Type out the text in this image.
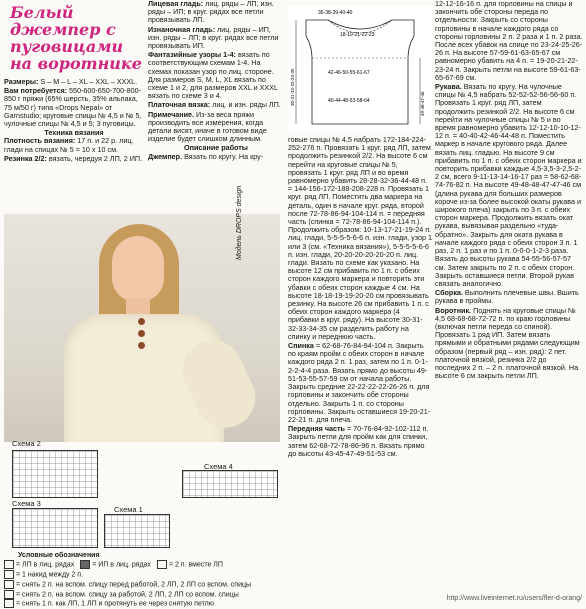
Белый джемпер с пуговицами на воротнике

Размеры: S – M – L – XL – XXL – XXXL.

Вам потребуется: 550-600-650-700-800-850 г пряжи (65% шерсть, 35% альпака, 75 м/50 г) типа «Drops Nepal» от Garnstudio; круговые спицы № 4,5 и № 5, чулочные спицы № 4,5 и 5; 3 пуговицы.

Техника вязания

Плотность вязания: 17 п. и 22 р. лиц. глади на спицах № 5 = 10 х 10 см.

Резинка 2/2: вязать, чередуя 2 ЛП, 2 ИП.

Лицевая гладь: лиц. ряды – ЛП, изн. ряды – ИП; в круг. рядах все петли провязывать ЛП.

Изнаночная гладь: лиц. ряды – ИП, изн. ряды – ЛП; в круг. рядах все петли провязывать ИП.

Фантазийные узоры 1-4: вязать по соответствующим схемам 1-4. На схемах показан узор по лиц. стороне. Для размеров S, M, L, XL вязать по схеме 1 и 2, для размеров XXL и XXXL вязать по схеме 3 и 4.

Платочная вязка: лиц. и изн. ряды ЛП.

Примечание. Из-за веса пряжи производить все измерения, когда детали висят, иначе в готовом виде изделие будет слишком длинным.

Описание работы

Джемпер. Вязать по кругу. На кру-

36-38-39-40-40
18-19-21-22-23
42-46-50-55-61-67
40-44-48-53-58-64
30-31-32-33-34-35	49-48-47-46

говые спицы № 4,5 набрать 172-184-224-252-276 п. Провязать 1 круг. ряд ЛП, затем продолжить резинкой 2/2. На высоте 6 см перейти на круговые спицы № 5, провязать 1 круг. ряд ЛП и во время равномерно убавить 28-28-32-36-44-48 п. = 144-156-172-188-208-228 п. Провязать 1 круг. ряд ЛП. Поместить два маркера на деталь, один в начале круг. ряда, второй после 72-78-86-94-104-114 п. = передняя часть (спинка = 72-78-86-94-104-114 п.). Продолжить образом: 10-13-17-21-19-24 п. лиц. глади, 5-5-5-5-6-6 п. изн. глади, узор 1 или 3 (см. «Техника вязания»), 5-5-5-5-6-6 п. изн. глади, 20-20-20-20-20-20 п. лиц. глади. Вязать по схеме как указано. На высоте 12 см прибавить по 1 п. с обеих сторон каждого маркера и повторить эти убавки с обеих сторон каждые 4 см. На высоте 18-18-19-19-20-20 см провязывать резинку. На высоте 26 см прибавить 1 п. с обеих сторон каждого маркера (4 прибавки в круг. ряду). На высоте 30-31-32-33-34-35 см разделить работу на спинку и переднюю часть.

Спинка = 62-68-76-84-94-104 п. Закрыть по краям пройм с обеих сторон в начале каждого ряда 2 п. 1 раз, затем по 1 п. 0-1-2-2-4-4 раза. Вязать прямо до высоты 49-51-53-55-57-59 см от начала работы. Закрыть средние 22-22-22-22-26-26 п. для горловины и закончить обе стороны отдельно. Закрыть 1 п. со стороны горловины. Закрыть оставшиеся 19-20-21-22-21 п. для плеча.

Передняя часть = 70-76-84-92-102-112 п. Закрыть петли для пройм как для спинки, затем 62-68-72-78-86-96 п. Вязать прямо до высоты 43-45-47-49-51-53 см.

12-12-16-16 п. для горловины на спицы и закончить обе стороны переда по отдельности. Закрыть со стороны горловины в начале каждого ряда со стороны горловины 2 п. 2 раза и 1 п. 2 раза. После всех убавок на спице по 23-24-25-26-26 п. На высоте 57-59-61-63-65-67 см равномерно убавить на 4 п. = 19-20-21-22-23-24 п. Закрыть петли на высоте 59-61-63-65-67-69 см.

Рукава. Вязать по кругу. На чулочные спицы № 4,5 набрать 52-52-52-56-56-60 п. Провязать 1 круг. ряд ЛП, затем продолжить резинкой 2/2. На высоте 6 см перейти на чулочные спицы № 5 и во время равномерно убавить 12-12-10-10-12-12 п. = 40-40-42-46-44-48 п. Поместить маркер в начале кругового ряда. Далее вязать лиц. гладью. На высоте 9 см прибавить по 1 п. с обеих сторон маркера и повторить прибавки каждые 4,5-3,5-3-2,5-2-2 см, всего 9-11-13-14-16-17 раз = 58-62-68-74-76-82 п. На высоте 49-48-48-47-47-46 см (длина рукава для больших размеров короче из-за более высокой окаты рукава и широкого плеча) закрыть по 3 п. с обеих сторон маркера. Продолжить вязать окат рукава, вывязывая раздельно «туда-обратно». Закрыть для оката рукава в начале каждого ряда с обеих сторон 3 п. 1 раз, 2 п. 1 раз и по 1 п. 0-0-0-1-2-3 раза. Вязать до высоты рукава 54-55-56-57-57 см. Затем закрыть по 2 п. с обеих сторон. Закрыть оставшиеся петли. Второй рукав связать аналогично.

Сборка. Выполнить плечевые швы. Вшить рукава в проймы.

Воротник. Поднять на круговые спицы № 4,5 68-68-68-72-72 п. по краю горловины (включая петли переда со спиной). Провязать 1 ряд ИП. Затем вязать прямыми и обратными рядами следующим образом (первый ряд – изн. ряд): 2 пет. платочной вязкой, резинка 2/2 до последних 2 п. – 2 п. платочной вязкой. На высоте 6 см закрыть петли ЛП.

Модель DROPS design
Схема 2
Схема 4
Схема 3
Схема 1
Условные обозначения
= ЛП в лиц. рядах	= ИП в лиц. рядах	= 2 п. вместе ЛП
= 1 накид между 2 п.
= снять 2 п. на вспом. спицу перед работой, 2 ЛП, 2 ЛП со вспом. спицы
= снять 2 п. на вспом. спицу за работой, 2 ЛП, 2 ЛП со вспом. спицы
= снять 1 п. как ЛП, 1 ЛП и протянуть ее через снятую петлю
http://www.liveinternet.ru/users/fler-d-orang/
